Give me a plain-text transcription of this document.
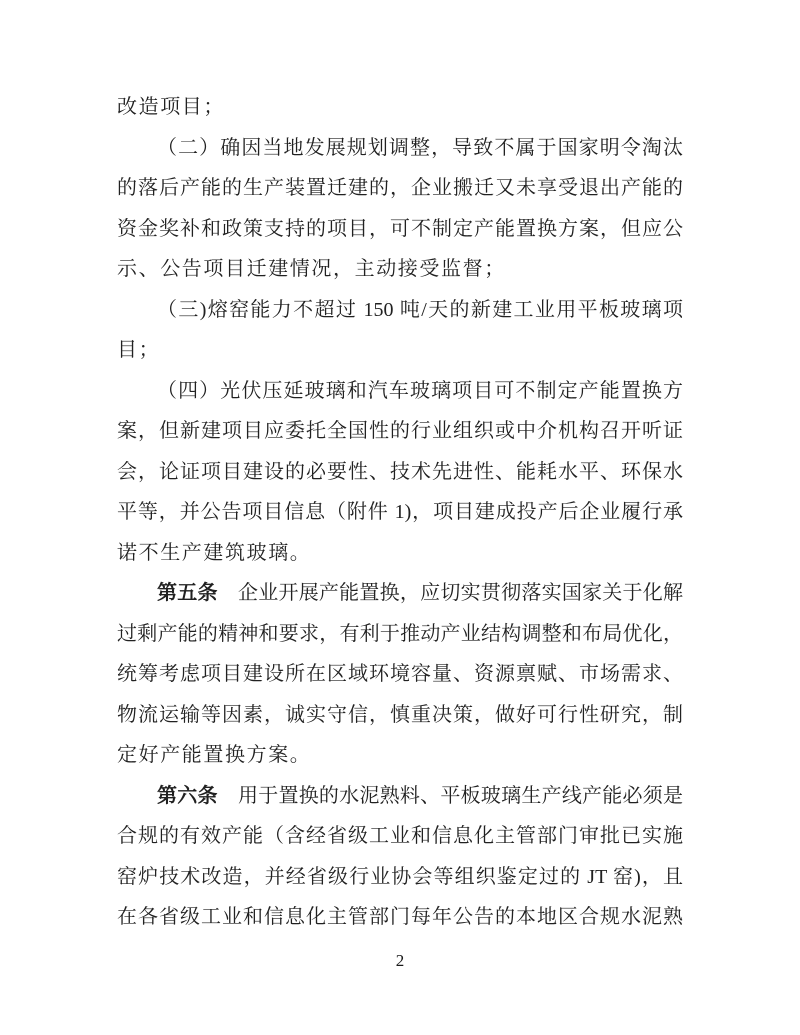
改造项目；
（二）确因当地发展规划调整，导致不属于国家明令淘汰
的落后产能的生产装置迁建的，企业搬迁又未享受退出产能的
资金奖补和政策支持的项目，可不制定产能置换方案，但应公
示、公告项目迁建情况，主动接受监督；
（三)熔窑能力不超过 150 吨/天的新建工业用平板玻璃项
目；
（四）光伏压延玻璃和汽车玻璃项目可不制定产能置换方
案，但新建项目应委托全国性的行业组织或中介机构召开听证
会，论证项目建设的必要性、技术先进性、能耗水平、环保水
平等，并公告项目信息（附件 1)，项目建成投产后企业履行承
诺不生产建筑玻璃。
第五条　企业开展产能置换，应切实贯彻落实国家关于化解
过剩产能的精神和要求，有利于推动产业结构调整和布局优化，
统筹考虑项目建设所在区域环境容量、资源禀赋、市场需求、
物流运输等因素，诚实守信，慎重决策，做好可行性研究，制
定好产能置换方案。
第六条　用于置换的水泥熟料、平板玻璃生产线产能必须是
合规的有效产能（含经省级工业和信息化主管部门审批已实施
窑炉技术改造，并经省级行业协会等组织鉴定过的 JT 窑)，且
在各省级工业和信息化主管部门每年公告的本地区合规水泥熟
2
